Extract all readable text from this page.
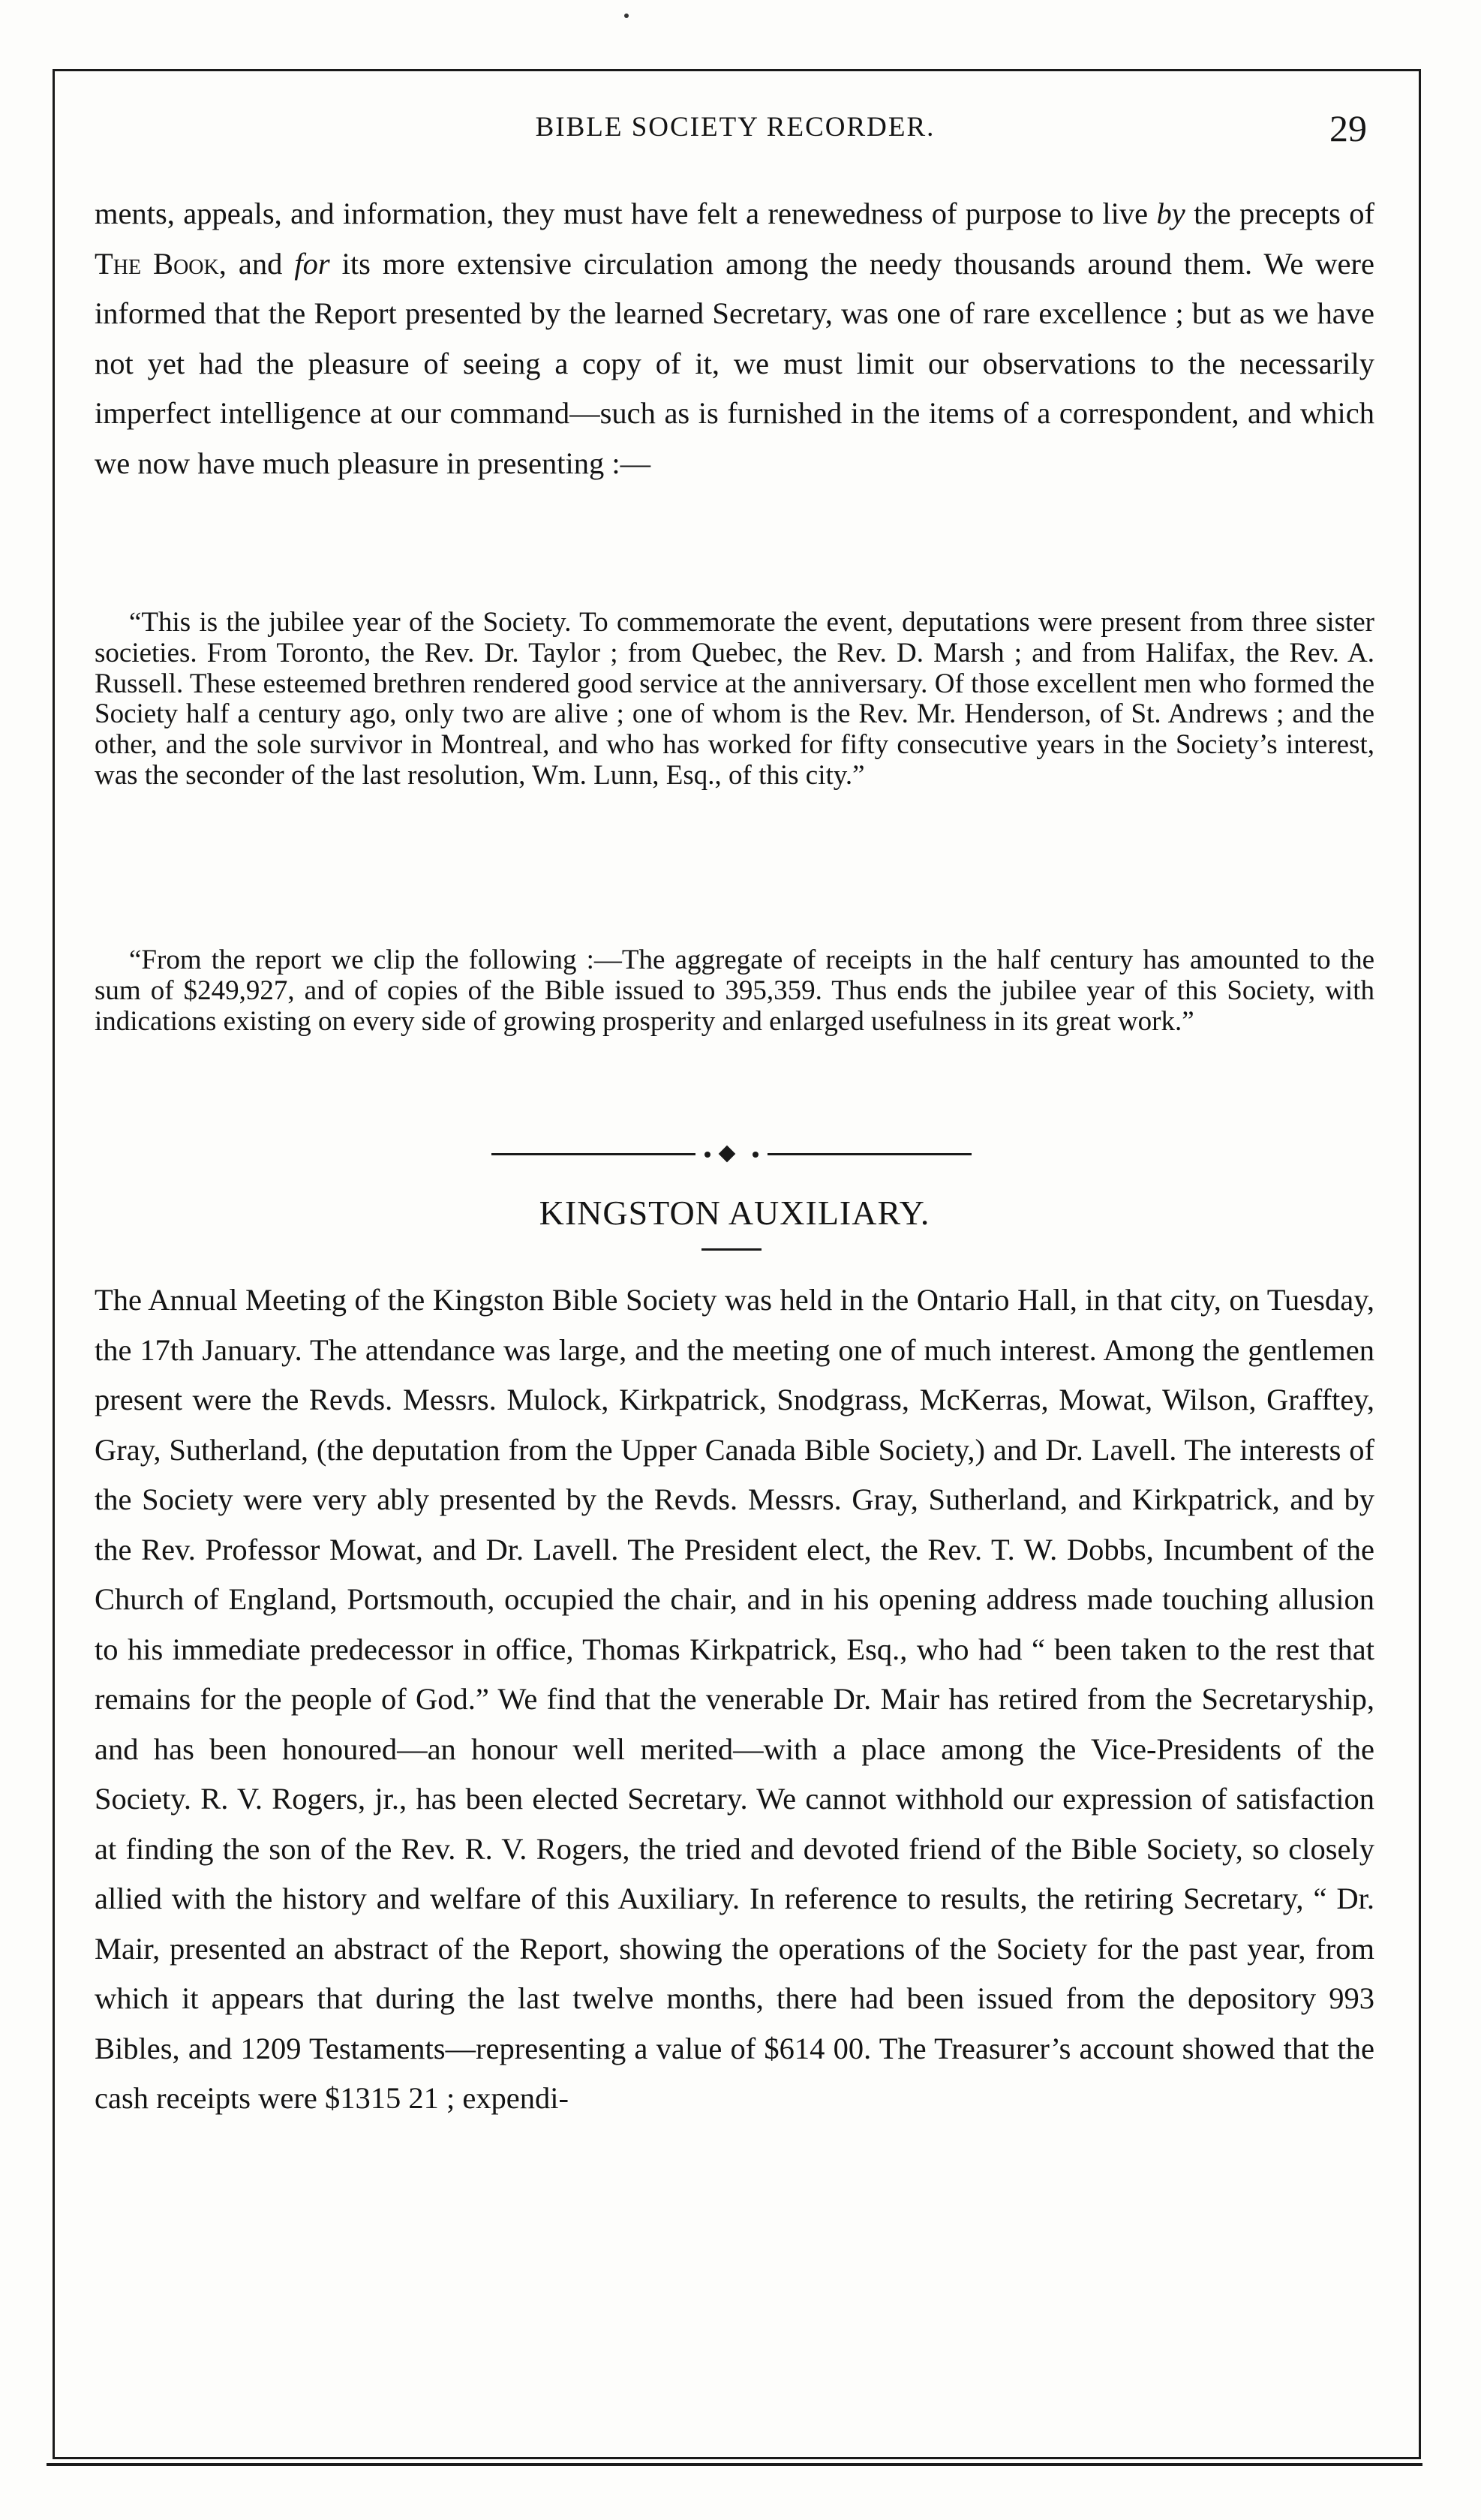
BIBLE SOCIETY RECORDER.	29
ments, appeals, and information, they must have felt a renewedness of purpose to live by the precepts of The Book, and for its more extensive circulation among the needy thousands around them. We were informed that the Report presented by the learned Secretary, was one of rare excellence ; but as we have not yet had the pleasure of seeing a copy of it, we must limit our observations to the necessarily imperfect intelligence at our command—such as is furnished in the items of a correspondent, and which we now have much pleasure in presenting :—
“This is the jubilee year of the Society. To commemorate the event, deputations were present from three sister societies. From Toronto, the Rev. Dr. Taylor ; from Quebec, the Rev. D. Marsh ; and from Halifax, the Rev. A. Russell. These esteemed brethren rendered good service at the anniversary. Of those excellent men who formed the Society half a century ago, only two are alive ; one of whom is the Rev. Mr. Henderson, of St. Andrews ; and the other, and the sole survivor in Montreal, and who has worked for fifty consecutive years in the Society’s interest, was the seconder of the last resolution, Wm. Lunn, Esq., of this city.”
“From the report we clip the following :—The aggregate of receipts in the half century has amounted to the sum of $249,927, and of copies of the Bible issued to 395,359. Thus ends the jubilee year of this Society, with indications existing on every side of growing prosperity and enlarged usefulness in its great work.”
KINGSTON AUXILIARY.
The Annual Meeting of the Kingston Bible Society was held in the Ontario Hall, in that city, on Tuesday, the 17th January. The attendance was large, and the meeting one of much interest. Among the gentlemen present were the Revds. Messrs. Mulock, Kirkpatrick, Snodgrass, McKerras, Mowat, Wilson, Grafftey, Gray, Sutherland, (the deputation from the Upper Canada Bible Society,) and Dr. Lavell. The interests of the Society were very ably presented by the Revds. Messrs. Gray, Sutherland, and Kirkpatrick, and by the Rev. Professor Mowat, and Dr. Lavell. The President elect, the Rev. T. W. Dobbs, Incumbent of the Church of England, Portsmouth, occupied the chair, and in his opening address made touching allusion to his immediate predecessor in office, Thomas Kirkpatrick, Esq., who had “ been taken to the rest that remains for the people of God.” We find that the venerable Dr. Mair has retired from the Secretaryship, and has been honoured—an honour well merited—with a place among the Vice-Presidents of the Society. R. V. Rogers, jr., has been elected Secretary. We cannot withhold our expression of satisfaction at finding the son of the Rev. R. V. Rogers, the tried and devoted friend of the Bible Society, so closely allied with the history and welfare of this Auxiliary. In reference to results, the retiring Secretary, “ Dr. Mair, presented an abstract of the Report, showing the operations of the Society for the past year, from which it appears that during the last twelve months, there had been issued from the depository 993 Bibles, and 1209 Testaments—representing a value of $614 00. The Treasurer’s account showed that the cash receipts were $1315 21 ; expendi-
